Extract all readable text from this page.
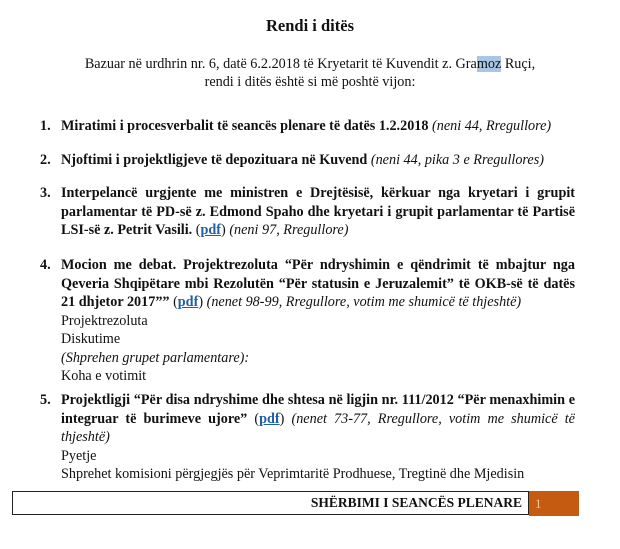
Rendi i ditës
Bazuar në urdhrin nr. 6, datë 6.2.2018 të Kryetarit të Kuvendit z. Gramoz Ruçi,
rendi i ditës është si më poshtë vijon:
1. Miratimi i procesverbalit të seancës plenare të datës 1.2.2018 (neni 44, Rregullore)
2. Njoftimi i projektligjeve të depozituara në Kuvend (neni 44, pika 3 e Rregullores)
3. Interpelancë urgjente me ministren e Drejtësisë, kërkuar nga kryetari i grupit parlamentar të PD-së z. Edmond Spaho dhe kryetari i grupit parlamentar të Partisë LSI-së z. Petrit Vasili. (pdf) (neni 97, Rregullore)
4. Mocion me debat. Projektrezoluta “Për ndryshimin e qëndrimit të mbajtur nga Qeveria Shqipëtare mbi Rezolutën “Për statusin e Jeruzalemit” të OKB-së të datës 21 dhjetor 2017”” (pdf) (nenet 98-99, Rregullore, votim me shumicë të thjeshtë)
Projektrezoluta
Diskutime
(Shprehen grupet parlamentare):
Koha e votimit
5. Projektligji “Për disa ndryshime dhe shtesa në ligjin nr. 111/2012 “Për menaxhimin e integruar të burimeve ujore” (pdf) (nenet 73-77, Rregullore, votim me shumicë të thjeshtë)
Pyetje
Shprehet komisioni përgjegjës për Veprimtaritë Prodhuese, Tregtinë dhe Mjedisin
SHËRBIMI I SEANCËS PLENARE	1
